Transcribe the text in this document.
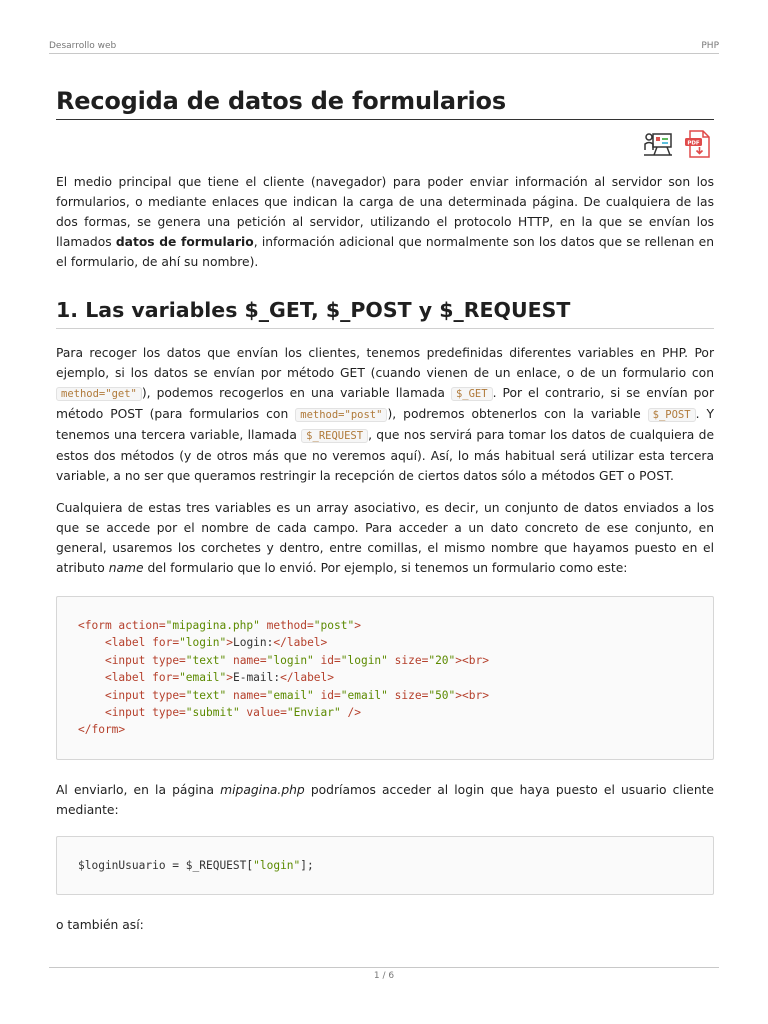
Desarrollo web	PHP
Recogida de datos de formularios
PDF

El medio principal que tiene el cliente (navegador) para poder enviar información al servidor son los formularios, o mediante enlaces que indican la carga de una determinada página. De cualquiera de las dos formas, se genera una petición al servidor, utilizando el protocolo HTTP, en la que se envían los llamados datos de formulario, información adicional que normalmente son los datos que se rellenan en el formulario, de ahí su nombre).

1. Las variables $_GET, $_POST y $_REQUEST

Para recoger los datos que envían los clientes, tenemos predefinidas diferentes variables en PHP. Por ejemplo, si los datos se envían por método GET (cuando vienen de un enlace, o de un formulario con method="get" ), podemos recogerlos en una variable llamada $_GET . Por el contrario, si se envían por método POST (para formularios con method="post" ), podremos obtenerlos con la variable $_POST . Y tenemos una tercera variable, llamada $_REQUEST , que nos servirá para tomar los datos de cualquiera de estos dos métodos (y de otros más que no veremos aquí). Así, lo más habitual será utilizar esta tercera variable, a no ser que queramos restringir la recepción de ciertos datos sólo a métodos GET o POST.

Cualquiera de estas tres variables es un array asociativo, es decir, un conjunto de datos enviados a los que se accede por el nombre de cada campo. Para acceder a un dato concreto de ese conjunto, en general, usaremos los corchetes y dentro, entre comillas, el mismo nombre que hayamos puesto en el atributo name del formulario que lo envió. Por ejemplo, si tenemos un formulario como este:

<form action="mipagina.php" method="post">
<label for="login">Login:</label>
<input type="text" name="login" id="login" size="20"><br>
<label for="email">E-mail:</label>
<input type="text" name="email" id="email" size="50"><br>
<input type="submit" value="Enviar" />
</form>

Al enviarlo, en la página mipagina.php podríamos acceder al login que haya puesto el usuario cliente mediante:

$loginUsuario = $_REQUEST["login"];

o también así:

1 / 6
